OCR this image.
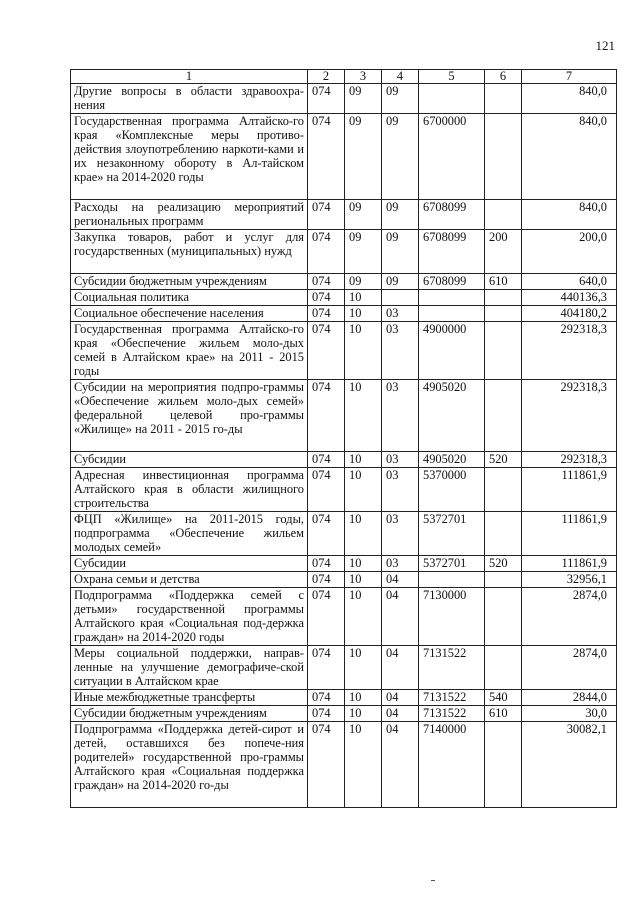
121
1	2	3	4	5	6	7
Другие вопросы в области здравоохра-нения	074	09	09			840,0
Государственная программа Алтайско-го края «Комплексные меры противо-действия злоупотреблению наркоти-ками и их незаконному обороту в Ал-тайском крае» на 2014-2020 годы	074	09	09	6700000		840,0
Расходы на реализацию мероприятий региональных программ	074	09	09	6708099		840,0
Закупка товаров, работ и услуг для государственных (муниципальных) нужд	074	09	09	6708099	200	200,0
Субсидии бюджетным учреждениям	074	09	09	6708099	610	640,0
Социальная политика	074	10				440136,3
Социальное обеспечение населения	074	10	03			404180,2
Государственная программа Алтайско-го края «Обеспечение жильем моло-дых семей в Алтайском крае» на 2011 - 2015 годы	074	10	03	4900000		292318,3
Субсидии на мероприятия подпро-граммы «Обеспечение жильем моло-дых семей» федеральной целевой про-граммы «Жилище» на 2011 - 2015 го-ды	074	10	03	4905020		292318,3
Субсидии	074	10	03	4905020	520	292318,3
Адресная инвестиционная программа Алтайского края в области жилищного строительства	074	10	03	5370000		111861,9
ФЦП «Жилище» на 2011-2015 годы, подпрограмма «Обеспечение жильем молодых семей»	074	10	03	5372701		111861,9
Субсидии	074	10	03	5372701	520	111861,9
Охрана семьи и детства	074	10	04			32956,1
Подпрограмма «Поддержка семей с детьми» государственной программы Алтайского края «Социальная под-держка граждан» на 2014-2020 годы	074	10	04	7130000		2874,0
Меры социальной поддержки, направ-ленные на улучшение демографиче-ской ситуации в Алтайском крае	074	10	04	7131522		2874,0
Иные межбюджетные трансферты	074	10	04	7131522	540	2844,0
Субсидии бюджетным учреждениям	074	10	04	7131522	610	30,0
Подпрограмма «Поддержка детей-сирот и детей, оставшихся без попече-ния родителей» государственной про-граммы Алтайского края «Социальная поддержка граждан» на 2014-2020 го-ды	074	10	04	7140000		30082,1
